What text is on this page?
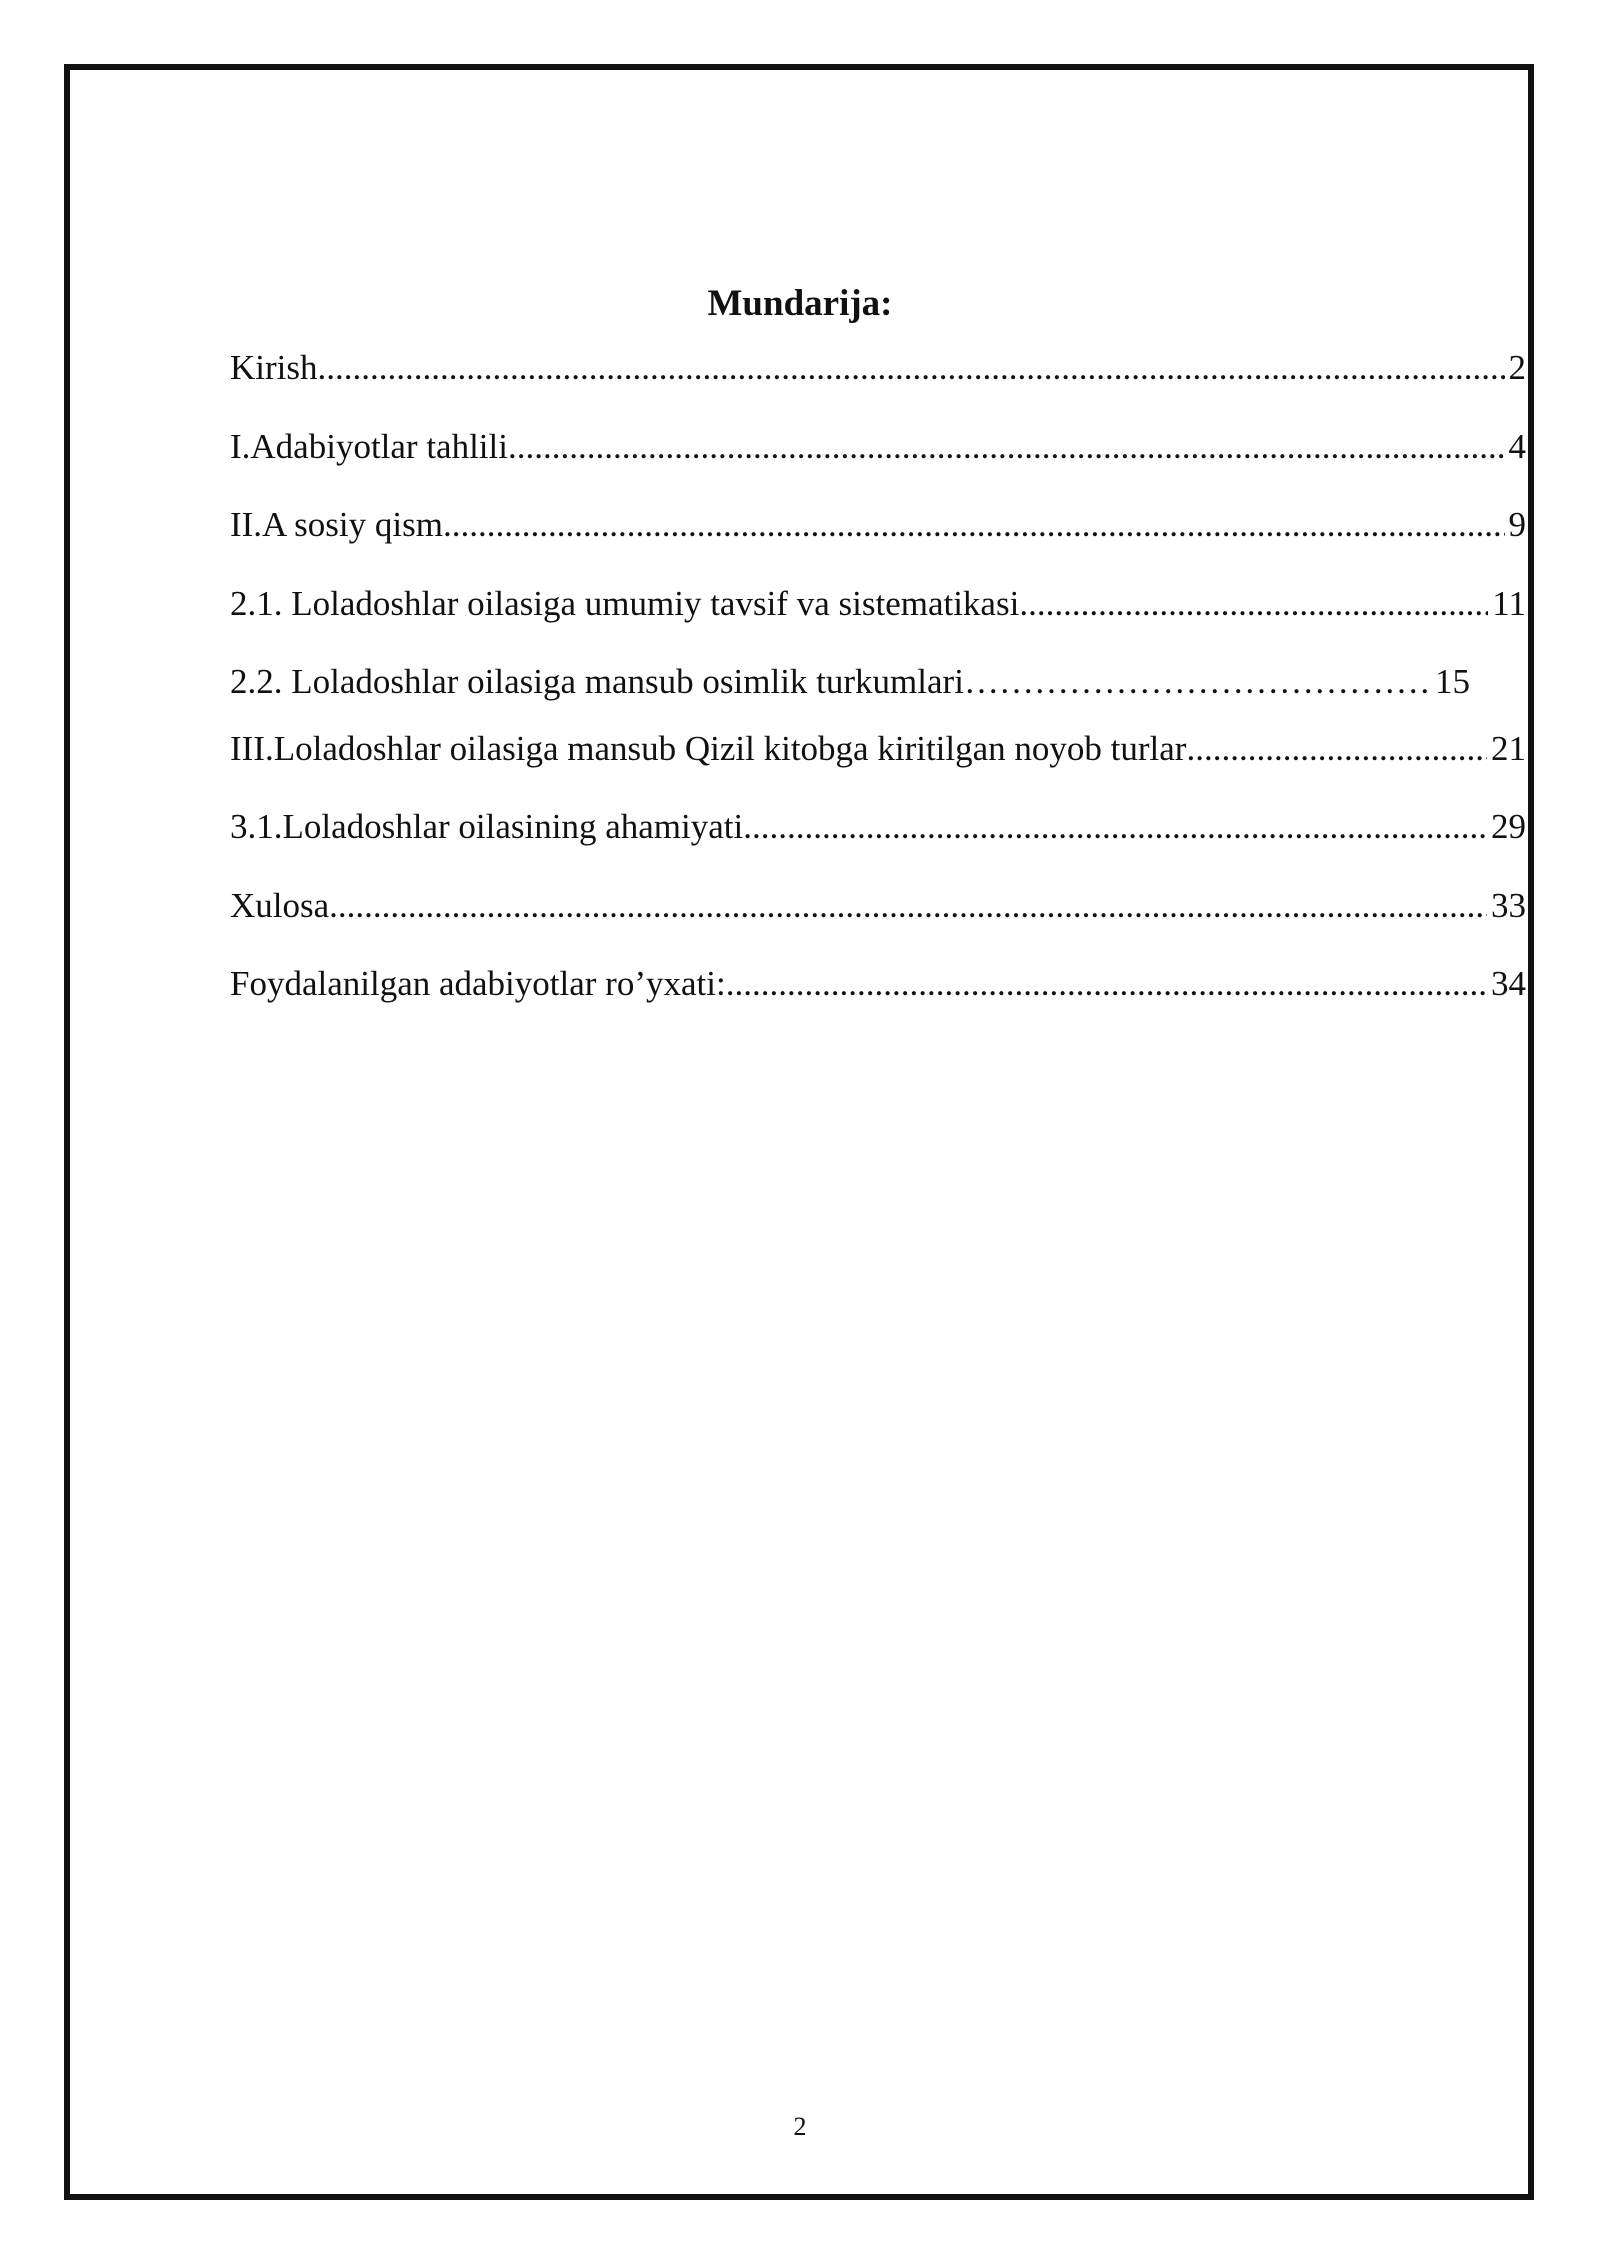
Mundarija:
Kirish .....	2
I.Adabiyotlar tahlili .....	4
II.A sosiy qism .....	9
2.1. Loladoshlar oilasiga umumiy tavsif va sistematikasi .....	11
2.2. Loladoshlar oilasiga mansub osimlik turkumlari ………………………………………………………………………………………………………………………………………………………………………………………………	15
III.Loladoshlar oilasiga mansub Qizil kitobga kiritilgan noyob turlar .....	21
3.1.Loladoshlar oilasining ahamiyati .....	29
Xulosa .....	33
Foydalanilgan adabiyotlar ro’yxati: .....	34
2
